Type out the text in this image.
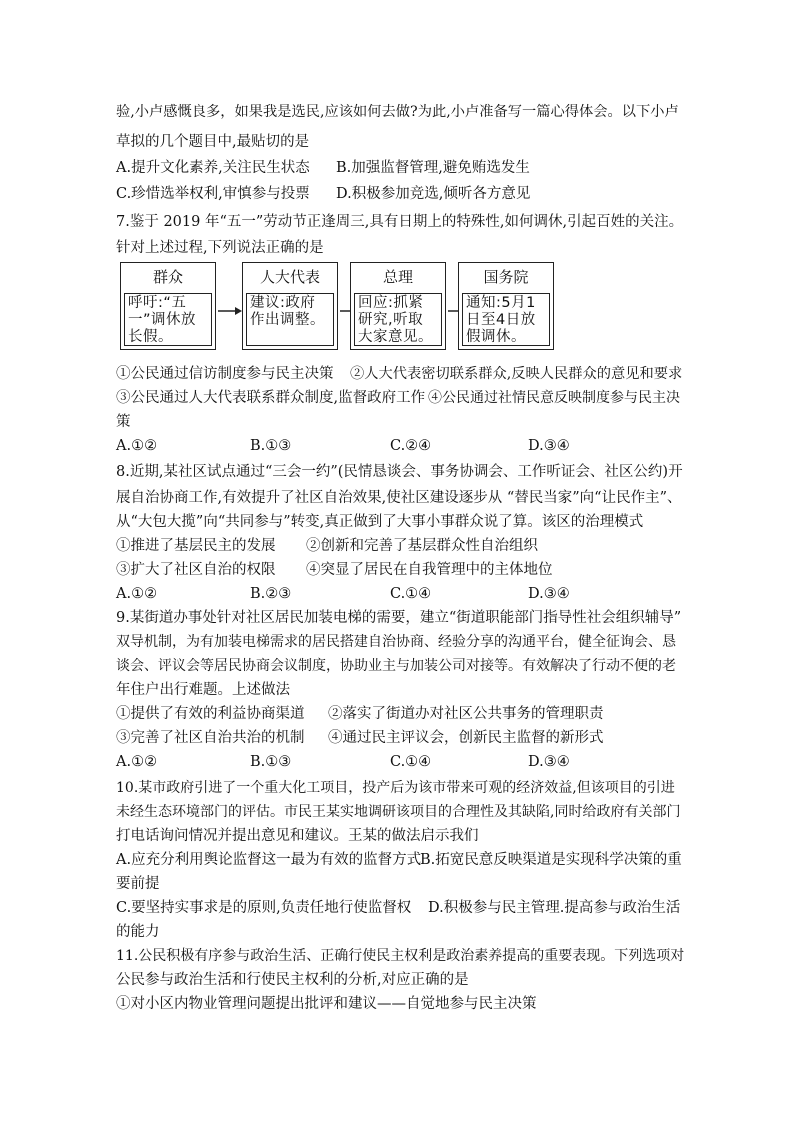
验,小卢感慨良多，如果我是选民,应该如何去做?为此,小卢准备写一篇心得体会。以下小卢

草拟的几个题目中,最贴切的是

A.提升文化素养,关注民生状态 B.加强监督管理,避免贿选发生

C.珍惜选举权利,审慎参与投票 D.积极参加竞选,倾听各方意见

7.鉴于 2019 年“五一”劳动节正逢周三,具有日期上的特殊性,如何调休,引起百姓的关注。

针对上述过程,下列说法正确的是

群众
呼吁:“五一”调休放长假。
人大代表
建议:政府作出调整。
总理
回应:抓紧研究,听取大家意见。
国务院
通知:5月1日至4日放假调休。

①公民通过信访制度参与民主决策 ②人大代表密切联系群众,反映人民群众的意见和要求

③公民通过人大代表联系群众制度,监督政府工作 ④公民通过社情民意反映制度参与民主决

策

A.①②	B.①③	C.②④	D.③④

8.近期,某社区试点通过“三会一约”(民情恳谈会、事务协调会、工作听证会、社区公约)开

展自治协商工作,有效提升了社区自治效果,使社区建设逐步从 “替民当家”向“让民作主”、

从“大包大揽”向“共同参与”转变,真正做到了大事小事群众说了算。该区的治理模式

①推进了基层民主的发展 ②创新和完善了基层群众性自治组织

③扩大了社区自治的权限 ④突显了居民在自我管理中的主体地位

A.①②	B.②③	C.①④	D.③④

9.某街道办事处针对社区居民加装电梯的需要，建立“街道职能部门指导性社会组织辅导”

双导机制，为有加装电梯需求的居民搭建自治协商、经验分享的沟通平台，健全征询会、恳

谈会、评议会等居民协商会议制度，协助业主与加装公司对接等。有效解决了行动不便的老

年住户出行难题。上述做法

①提供了有效的利益协商渠道 ②落实了街道办对社区公共事务的管理职责

③完善了社区自治共治的机制 ④通过民主评议会，创新民主监督的新形式

A.①②	B.①③	C.①④	D.③④

10.某市政府引进了一个重大化工项目，投产后为该市带来可观的经济效益,但该项目的引进

未经生态环境部门的评估。市民王某实地调研该项目的合理性及其缺陷,同时给政府有关部门

打电话询问情况并提出意见和建议。王某的做法启示我们

A.应充分利用舆论监督这一最为有效的监督方式

B.拓宽民意反映渠道是实现科学决策的重

要前提

C.要坚持实事求是的原则,负责任地行使监督权 D.积极参与民主管理.提高参与政治生活

的能力

11.公民积极有序参与政治生活、正确行使民主权利是政治素养提高的重要表现。下列选项对

公民参与政治生活和行使民主权利的分析,对应正确的是

①对小区内物业管理问题提出批评和建议——自觉地参与民主决策
